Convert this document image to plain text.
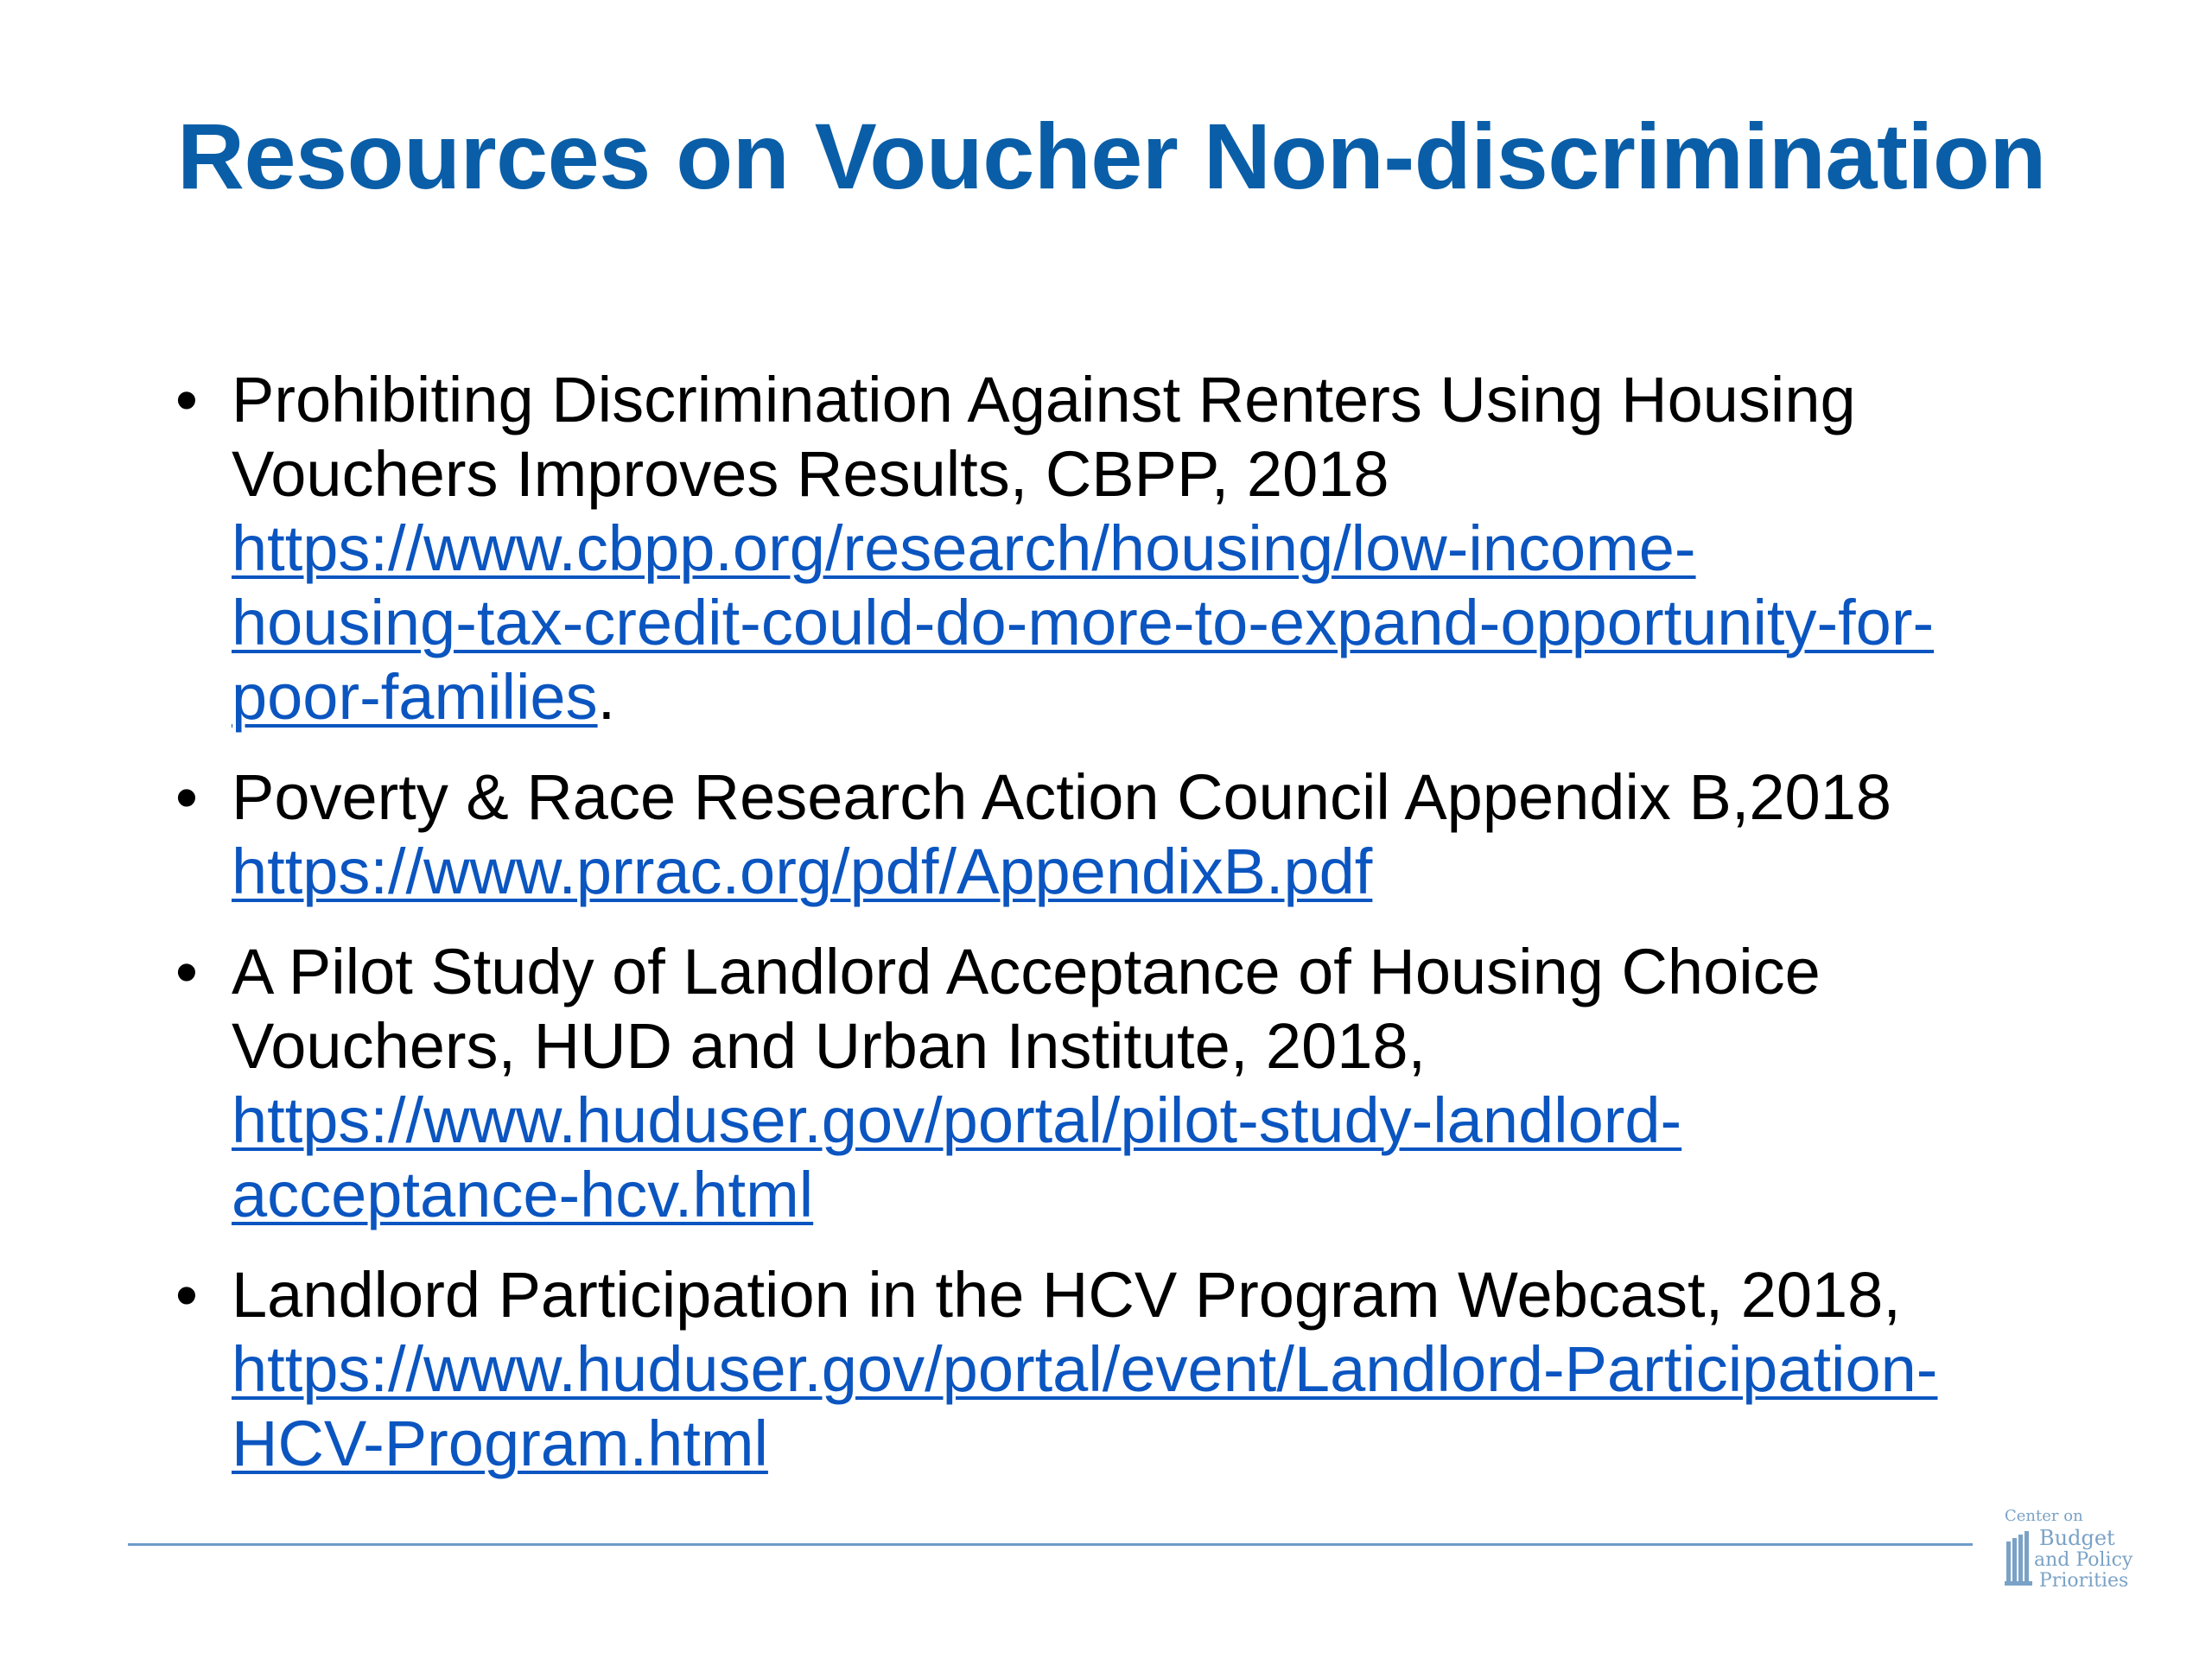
Resources on Voucher Non-discrimination
• Prohibiting Discrimination Against Renters Using Housing
Vouchers Improves Results, CBPP, 2018
https://www.cbpp.org/research/housing/low-income-
housing-tax-credit-could-do-more-to-expand-opportunity-for-
poor-families.
• Poverty & Race Research Action Council Appendix B,2018
https://www.prrac.org/pdf/AppendixB.pdf
• A Pilot Study of Landlord Acceptance of Housing Choice
Vouchers, HUD and Urban Institute, 2018,
https://www.huduser.gov/portal/pilot-study-landlord-
acceptance-hcv.html
• Landlord Participation in the HCV Program Webcast, 2018,
https://www.huduser.gov/portal/event/Landlord-Participation-
HCV-Program.html
Center on
Budget
and Policy
Priorities
